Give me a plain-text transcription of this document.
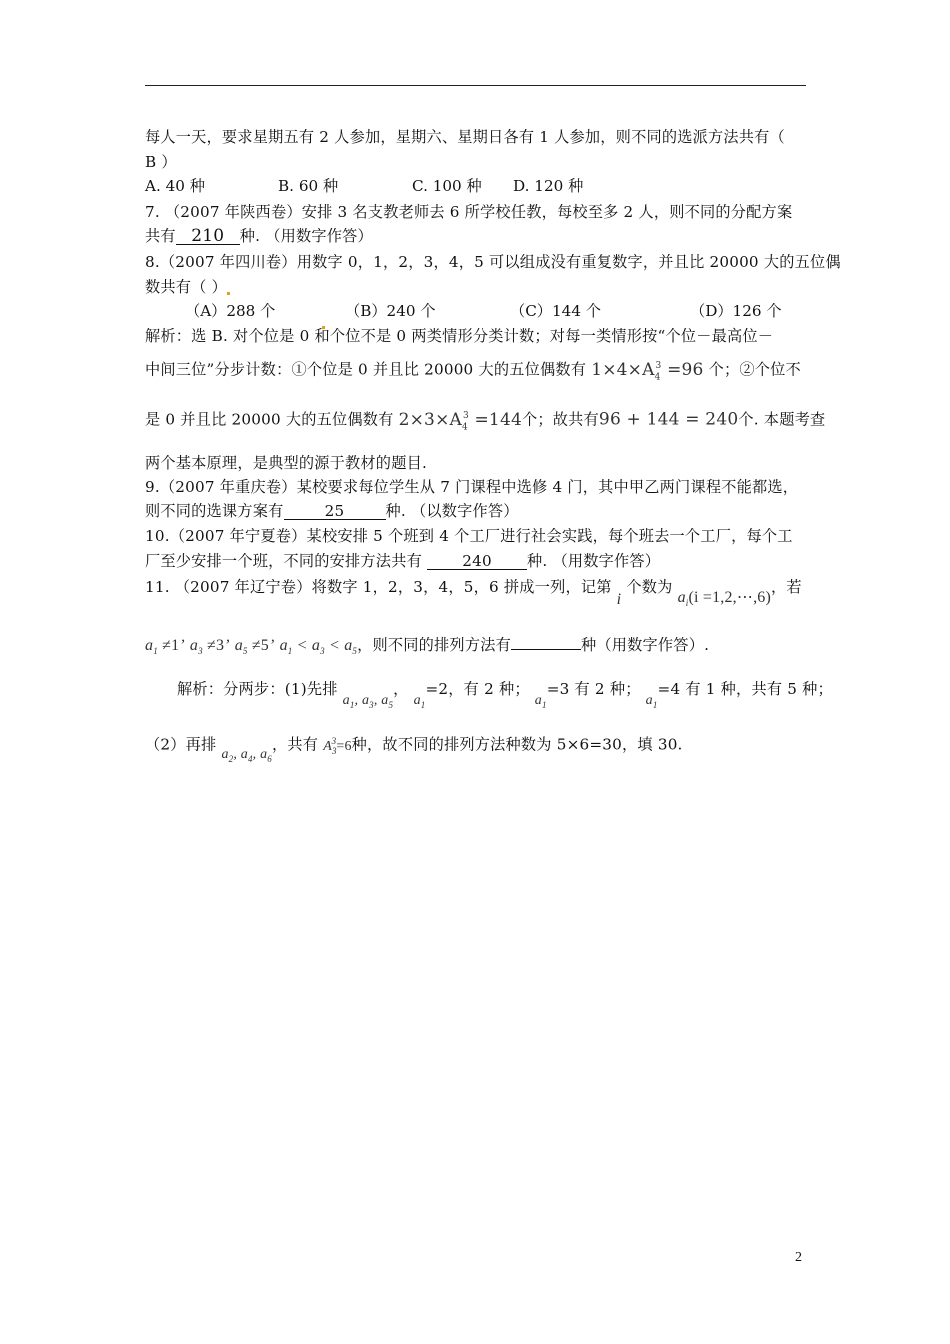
每人一天，要求星期五有 2 人参加，星期六、星期日各有 1 人参加，则不同的选派方法共有（
B ）
A. 40 种	B. 60 种	C. 100 种 D. 120 种
7. （2007 年陕西卷）安排 3 名支教老师去 6 所学校任教，每校至多 2 人，则不同的分配方案
共有 210 种. （用数字作答）
8.（2007 年四川卷）用数字 0，1，2，3，4，5 可以组成没有重复数字，并且比 20000 大的五位偶
数共有（ ）
（A）288 个	（B）240 个	（C）144 个	（D）126 个
解析：选 B. 对个位是 0 和个位不是 0 两类情形分类计数；对每一类情形按“个位－最高位－
中间三位”分步计数：①个位是 0 并且比 20000 大的五位偶数有 $1\times 4\times A_4^3 =96$ 个；②个位不
是 0 并且比 20000 大的五位偶数有 $2\times 3\times A_4^3 =144$个；故共有96 + 144 = 240个. 本题考查
两个基本原理，是典型的源于教材的题目.
9.（2007 年重庆卷）某校要求每位学生从 7 门课程中选修 4 门，其中甲乙两门课程不能都选，
则不同的选课方案有	25	种. （以数字作答）
10.（2007 年宁夏卷）某校安排 5 个班到 4 个工厂进行社会实践，每个班去一个工厂，每个工
厂至少安排一个班，不同的安排方法共有 240 种. （用数字作答）
11. （2007 年辽宁卷）将数字 1，2，3，4，5，6 拼成一列，记第 i 个数为 $a_i(i$ =1,2,⋯,6)，若
$a_1 \ne 1$’ $a_3 \ne 3$’ $a_5 \ne 5$’ $a_1 < a_3 < a_5$，则不同的排列方法有	种（用数字作答）.
解析：分两步：(1)先排 $a_1$, $a_3$, $a_5$， $a_1=2$，有 2 种； $a_1=3$ 有 2 种； $a_1=4$ 有 1 种，共有 5 种；
（2）再排 $a_2$, $a_4$, $a_6$，共有 $A_3^3=6$种，故不同的排列方法种数为 5×6=30，填 30.
2
